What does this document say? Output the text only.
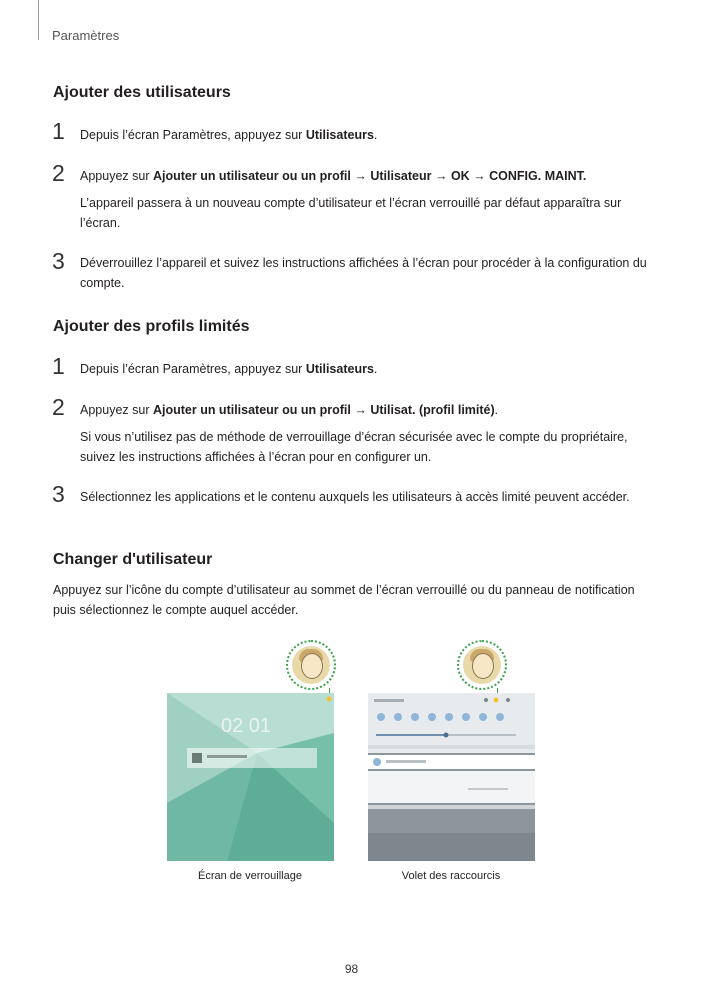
Paramètres
Ajouter des utilisateurs
1 Depuis l’écran Paramètres, appuyez sur Utilisateurs.
2 Appuyez sur Ajouter un utilisateur ou un profil → Utilisateur → OK → CONFIG. MAINT.
L’appareil passera à un nouveau compte d’utilisateur et l’écran verrouillé par défaut apparaîtra sur l’écran.
3 Déverrouillez l’appareil et suivez les instructions affichées à l’écran pour procéder à la configuration du compte.
Ajouter des profils limités
1 Depuis l’écran Paramètres, appuyez sur Utilisateurs.
2 Appuyez sur Ajouter un utilisateur ou un profil → Utilisat. (profil limité).
Si vous n’utilisez pas de méthode de verrouillage d’écran sécurisée avec le compte du propriétaire, suivez les instructions affichées à l’écran pour en configurer un.
3 Sélectionnez les applications et le contenu auxquels les utilisateurs à accès limité peuvent accéder.
Changer d'utilisateur
Appuyez sur l’icône du compte d’utilisateur au sommet de l’écran verrouillé ou du panneau de notification puis sélectionnez le compte auquel accéder.
02 01
Écran de verrouillage	Volet des raccourcis
98
